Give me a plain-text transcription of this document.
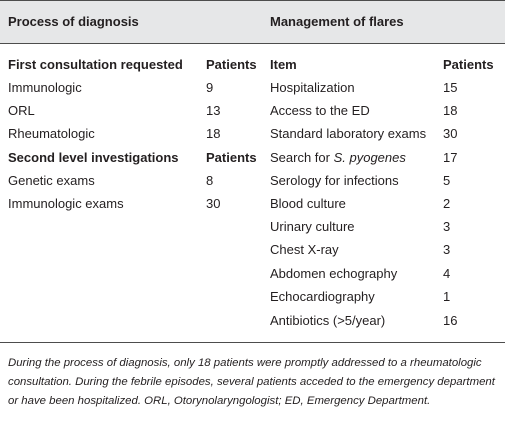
Process of diagnosis	Management of flares
First consultation requested Patients
Immunologic	9
ORL	13
Rheumatologic	18
Second level investigations Patients
Genetic exams	8
Immunologic exams	30
Item	Patients
Hospitalization	15
Access to the ED	18
Standard laboratory exams 30
Search for S. pyogenes	17
Serology for infections	5
Blood culture	2
Urinary culture	3
Chest X-ray	3
Abdomen echography	4
Echocardiography	1
Antibiotics (>5/year)	16
During the process of diagnosis, only 18 patients were promptly addressed to a rheumatologic consultation. During the febrile episodes, several patients acceded to the emergency department or have been hospitalized. ORL, Otorynolaryngologist; ED, Emergency Department.
